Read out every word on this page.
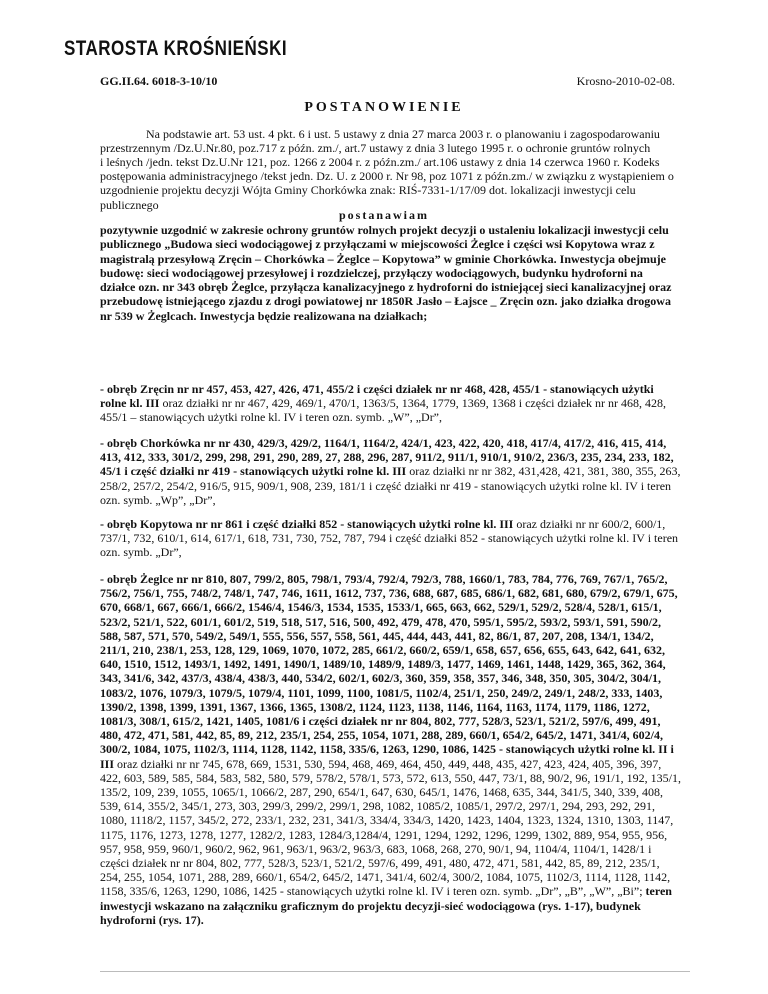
STAROSTA KROŚNIEŃSKI
GG.II.64. 6018-3-10/10	Krosno-2010-02-08.
POSTANOWIENIE
Na podstawie art. 53 ust. 4 pkt. 6 i ust. 5 ustawy z dnia 27 marca 2003 r. o planowaniu i zagospodarowaniu przestrzennym /Dz.U.Nr.80, poz.717 z późn. zm./, art.7 ustawy z dnia 3 lutego 1995 r. o ochronie gruntów rolnych
i leśnych /jedn. tekst Dz.U.Nr 121, poz. 1266 z 2004 r. z późn.zm./ art.106 ustawy z dnia 14 czerwca 1960 r. Kodeks postępowania administracyjnego /tekst jedn. Dz. U. z 2000 r. Nr 98, poz 1071 z późn.zm./ w związku z wystąpieniem o uzgodnienie projektu decyzji Wójta Gminy Chorkówka znak: RIŚ-7331-1/17/09 dot. lokalizacji inwestycji celu publicznego
postanawiam
pozytywnie uzgodnić w zakresie ochrony gruntów rolnych projekt decyzji o ustaleniu lokalizacji inwestycji celu publicznego „Budowa sieci wodociągowej z przyłączami w miejscowości Żeglce i części wsi Kopytowa wraz z magistralą przesyłową Zręcin – Chorkówka – Żeglce – Kopytowa” w gminie Chorkówka. Inwestycja obejmuje budowę: sieci wodociągowej przesyłowej i rozdzielczej, przyłączy wodociągowych, budynku hydroforni na działce ozn. nr 343 obręb Żeglce, przyłącza kanalizacyjnego z hydroforni do istniejącej sieci kanalizacyjnej oraz przebudowę istniejącego zjazdu z drogi powiatowej nr 1850R Jasło – Łajsce _ Zręcin ozn. jako działka drogowa nr 539 w Żeglcach. Inwestycja będzie realizowana na działkach;
- obręb Zręcin nr nr 457, 453, 427, 426, 471, 455/2 i części działek nr nr 468, 428, 455/1 - stanowiących użytki rolne kl. III oraz działki nr nr 467, 429, 469/1, 470/1, 1363/5, 1364, 1779, 1369, 1368 i części działek nr nr 468, 428, 455/1 – stanowiących użytki rolne kl. IV i teren ozn. symb. „W”, „Dr”,
- obręb Chorkówka nr nr 430, 429/3, 429/2, 1164/1, 1164/2, 424/1, 423, 422, 420, 418, 417/4, 417/2, 416, 415, 414, 413, 412, 333, 301/2, 299, 298, 291, 290, 289, 27, 288, 296, 287, 911/2, 911/1, 910/1, 910/2, 236/3, 235, 234, 233, 182, 45/1 i część działki nr 419 - stanowiących użytki rolne kl. III oraz działki nr nr 382, 431,428, 421, 381, 380, 355, 263, 258/2, 257/2, 254/2, 916/5, 915, 909/1, 908, 239, 181/1 i część działki nr 419 - stanowiących użytki rolne kl. IV i teren ozn. symb. „Wp”, „Dr”,
- obręb Kopytowa nr nr 861 i część działki 852 - stanowiących użytki rolne kl. III oraz działki nr nr 600/2, 600/1, 737/1, 732, 610/1, 614, 617/1, 618, 731, 730, 752, 787, 794 i część działki 852 - stanowiących użytki rolne kl. IV i teren ozn. symb. „Dr”,
- obręb Żeglce nr nr 810, 807, 799/2, 805, 798/1, 793/4, 792/4, 792/3, 788, 1660/1, 783, 784, 776, 769, 767/1, 765/2, 756/2, 756/1, 755, 748/2, 748/1, 747, 746, 1611, 1612, 737, 736, 688, 687, 685, 686/1, 682, 681, 680, 679/2, 679/1, 675, 670, 668/1, 667, 666/1, 666/2, 1546/4, 1546/3, 1534, 1535, 1533/1, 665, 663, 662, 529/1, 529/2, 528/4, 528/1, 615/1, 523/2, 521/1, 522, 601/1, 601/2, 519, 518, 517, 516, 500, 492, 479, 478, 470, 595/1, 595/2, 593/2, 593/1, 591, 590/2, 588, 587, 571, 570, 549/2, 549/1, 555, 556, 557, 558, 561, 445, 444, 443, 441, 82, 86/1, 87, 207, 208, 134/1, 134/2, 211/1, 210, 238/1, 253, 128, 129, 1069, 1070, 1072, 285, 661/2, 660/2, 659/1, 658, 657, 656, 655, 643, 642, 641, 632, 640, 1510, 1512, 1493/1, 1492, 1491, 1490/1, 1489/10, 1489/9, 1489/3, 1477, 1469, 1461, 1448, 1429, 365, 362, 364, 343, 341/6, 342, 437/3, 438/4, 438/3, 440, 534/2, 602/1, 602/3, 360, 359, 358, 357, 346, 348, 350, 305, 304/2, 304/1, 1083/2, 1076, 1079/3, 1079/5, 1079/4, 1101, 1099, 1100, 1081/5, 1102/4, 251/1, 250, 249/2, 249/1, 248/2, 333, 1403, 1390/2, 1398, 1399, 1391, 1367, 1366, 1365, 1308/2, 1124, 1123, 1138, 1146, 1164, 1163, 1174, 1179, 1186, 1272, 1081/3, 308/1, 615/2, 1421, 1405, 1081/6 i części działek nr nr 804, 802, 777, 528/3, 523/1, 521/2, 597/6, 499, 491, 480, 472, 471, 581, 442, 85, 89, 212, 235/1, 254, 255, 1054, 1071, 288, 289, 660/1, 654/2, 645/2, 1471, 341/4, 602/4, 300/2, 1084, 1075, 1102/3, 1114, 1128, 1142, 1158, 335/6, 1263, 1290, 1086, 1425 - stanowiących użytki rolne kl. II i III oraz działki nr nr 745, 678, 669, 1531, 530, 594, 468, 469, 464, 450, 449, 448, 435, 427, 423, 424, 405, 396, 397, 422, 603, 589, 585, 584, 583, 582, 580, 579, 578/2, 578/1, 573, 572, 613, 550, 447, 73/1, 88, 90/2, 96, 191/1, 192, 135/1, 135/2, 109, 239, 1055, 1065/1, 1066/2, 287, 290, 654/1, 647, 630, 645/1, 1476, 1468, 635, 344, 341/5, 340, 339, 408, 539, 614, 355/2, 345/1, 273, 303, 299/3, 299/2, 299/1, 298, 1082, 1085/2, 1085/1, 297/2, 297/1, 294, 293, 292, 291, 1080, 1118/2, 1157, 345/2, 272, 233/1, 232, 231, 341/3, 334/4, 334/3, 1420, 1423, 1404, 1323, 1324, 1310, 1303, 1147, 1175, 1176, 1273, 1278, 1277, 1282/2, 1283, 1284/3,1284/4, 1291, 1294, 1292, 1296, 1299, 1302, 889, 954, 955, 956, 957, 958, 959, 960/1, 960/2, 962, 961, 963/1, 963/2, 963/3, 683, 1068, 268, 270, 90/1, 94, 1104/4, 1104/1, 1428/1 i części działek nr nr 804, 802, 777, 528/3, 523/1, 521/2, 597/6, 499, 491, 480, 472, 471, 581, 442, 85, 89, 212, 235/1, 254, 255, 1054, 1071, 288, 289, 660/1, 654/2, 645/2, 1471, 341/4, 602/4, 300/2, 1084, 1075, 1102/3, 1114, 1128, 1142, 1158, 335/6, 1263, 1290, 1086, 1425 - stanowiących użytki rolne kl. IV i teren ozn. symb. „Dr”, „B”, „W”, „Bi”; teren inwestycji wskazano na załączniku graficznym do projektu decyzji-sieć wodociągowa (rys. 1-17), budynek hydroforni (rys. 17).
